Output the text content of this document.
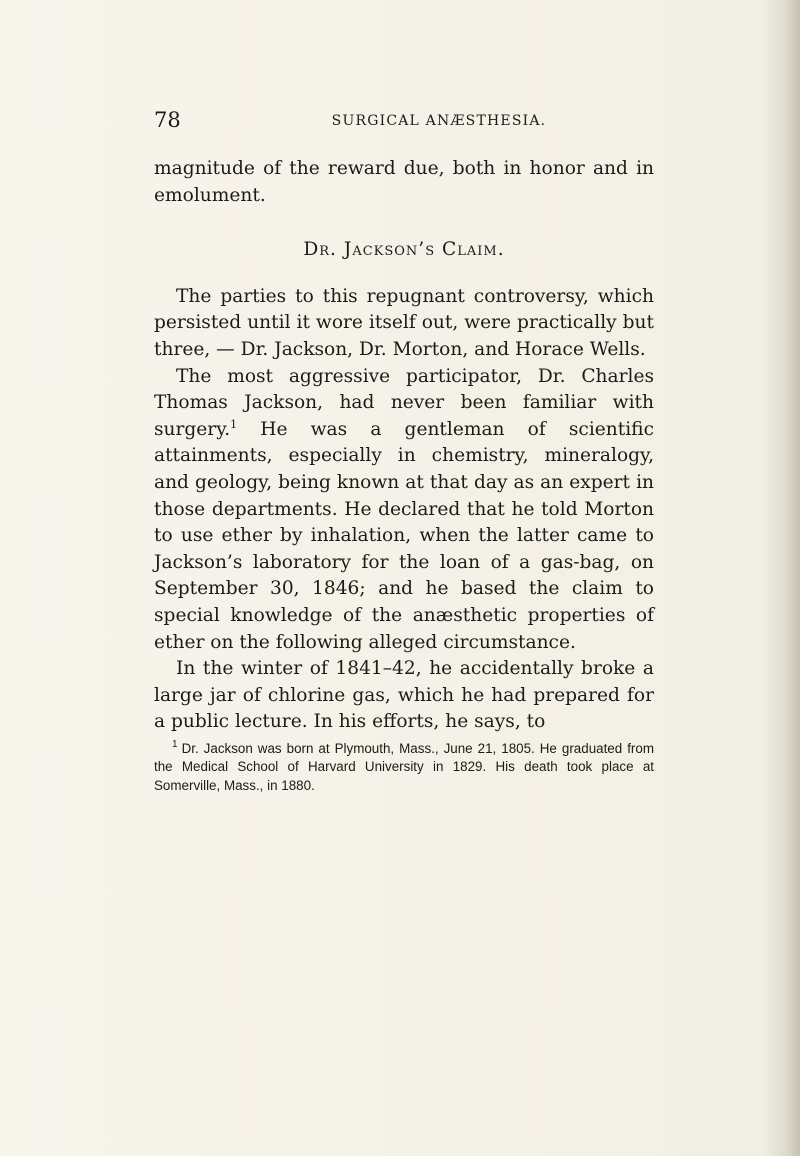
78	SURGICAL ANÆSTHESIA.

magnitude of the reward due, both in honor and in emolument.

Dr. Jackson’s Claim.

The parties to this repugnant controversy, which persisted until it wore itself out, were practically but three, — Dr. Jackson, Dr. Morton, and Horace Wells.

The most aggressive participator, Dr. Charles Thomas Jackson, had never been familiar with surgery.$^1$ He was a gentleman of scientific attainments, especially in chemistry, mineralogy, and geology, being known at that day as an expert in those departments. He declared that he told Morton to use ether by inhalation, when the latter came to Jackson’s laboratory for the loan of a gas-bag, on September 30, 1846; and he based the claim to special knowledge of the anæsthetic properties of ether on the following alleged circumstance.

In the winter of 1841–42, he accidentally broke a large jar of chlorine gas, which he had prepared for a public lecture. In his efforts, he says, to

$^1$ Dr. Jackson was born at Plymouth, Mass., June 21, 1805. He graduated from the Medical School of Harvard University in 1829. His death took place at Somerville, Mass., in 1880.
